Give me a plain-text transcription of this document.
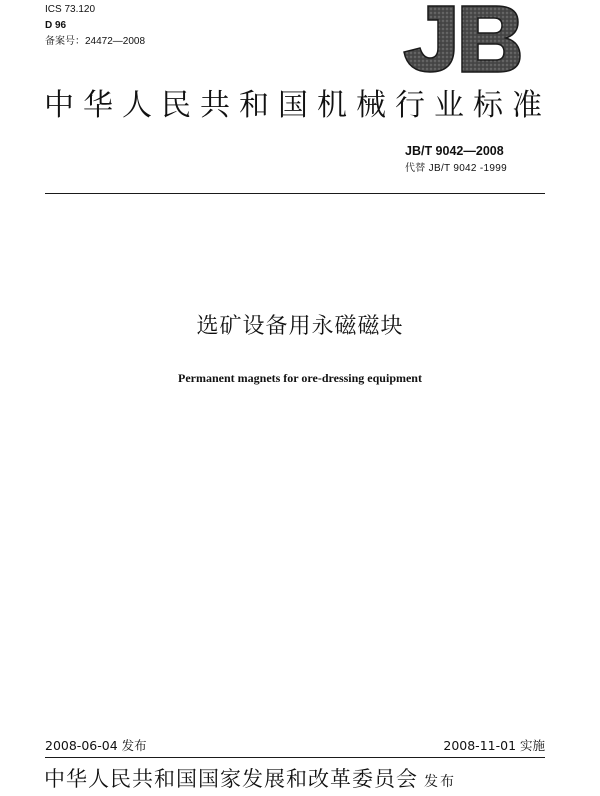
ICS 73.120
D 96
备案号：24472—2008
中华人民共和国机械行业标准
JB/T 9042—2008
代替 JB/T 9042 -1999
选矿设备用永磁磁块
Permanent magnets for ore-dressing equipment
2008-06-04 发布	2008-11-01 实施
中华人民共和国国家发展和改革委员会 发布
